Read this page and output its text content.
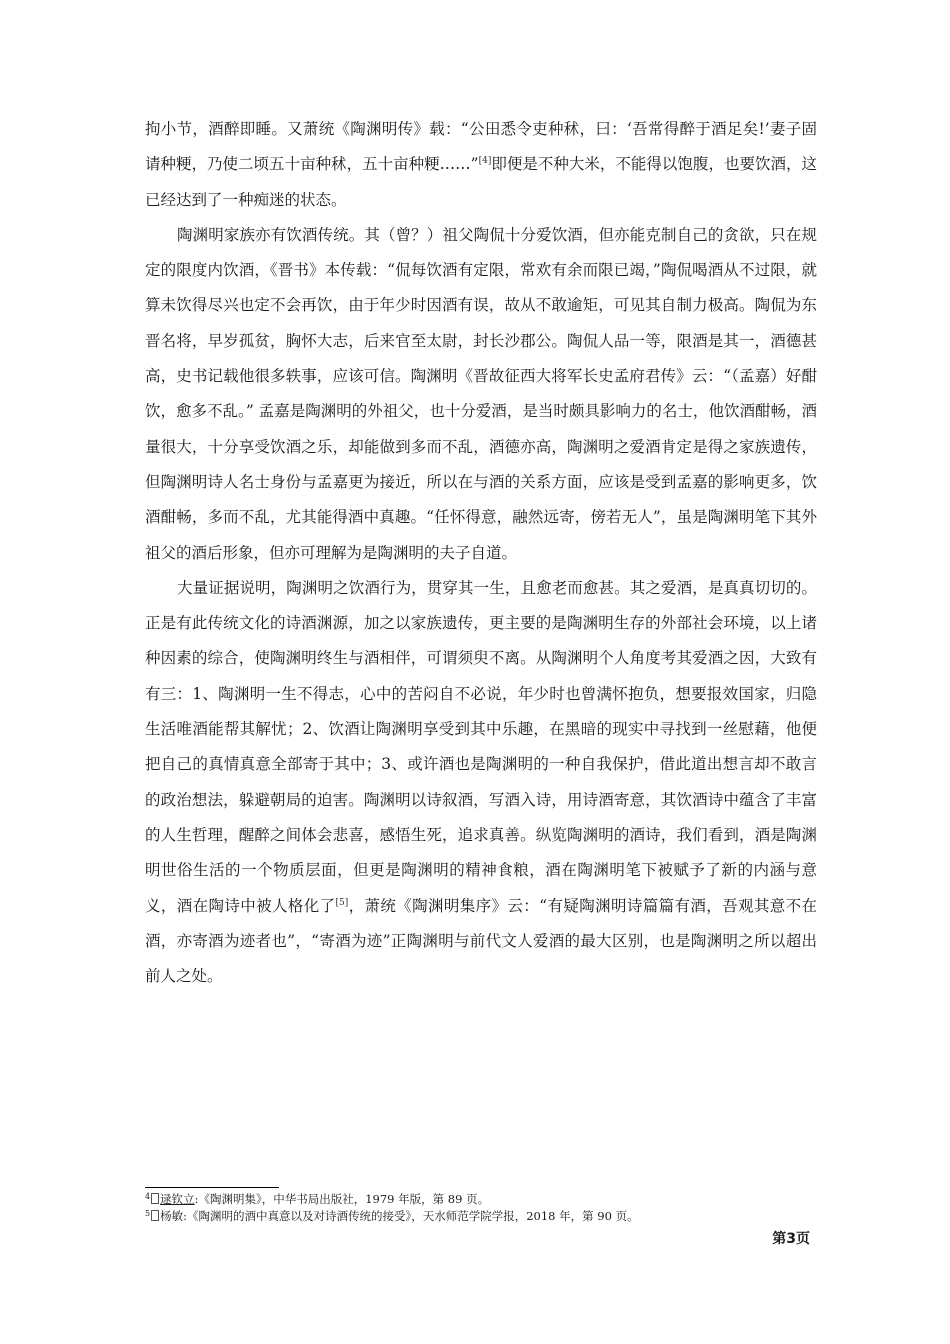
拘小节，酒醉即睡。又萧统《陶渊明传》载：“公田悉令吏种秫，曰：‘吾常得醉于酒足矣!’妻子固请种粳，乃使二顷五十亩种秫，五十亩种粳……”[4]即便是不种大米，不能得以饱腹，也要饮酒，这已经达到了一种痴迷的状态。

陶渊明家族亦有饮酒传统。其（曾？）祖父陶侃十分爱饮酒，但亦能克制自己的贪欲，只在规定的限度内饮酒，《晋书》本传载：“侃每饮酒有定限，常欢有余而限已竭，”陶侃喝酒从不过限，就算未饮得尽兴也定不会再饮，由于年少时因酒有误，故从不敢逾矩，可见其自制力极高。陶侃为东晋名将，早岁孤贫，胸怀大志，后来官至太尉，封长沙郡公。陶侃人品一等，限酒是其一，酒德甚高，史书记载他很多轶事，应该可信。陶渊明《晋故征西大将军长史孟府君传》云：“（孟嘉）好酣饮，愈多不乱。” 孟嘉是陶渊明的外祖父，也十分爱酒，是当时颇具影响力的名士，他饮酒酣畅，酒量很大，十分享受饮酒之乐，却能做到多而不乱，酒德亦高，陶渊明之爱酒肯定是得之家族遗传，但陶渊明诗人名士身份与孟嘉更为接近，所以在与酒的关系方面，应该是受到孟嘉的影响更多，饮酒酣畅，多而不乱，尤其能得酒中真趣。“任怀得意，融然远寄，傍若无人”，虽是陶渊明笔下其外祖父的酒后形象，但亦可理解为是陶渊明的夫子自道。

大量证据说明，陶渊明之饮酒行为，贯穿其一生，且愈老而愈甚。其之爱酒，是真真切切的。正是有此传统文化的诗酒渊源，加之以家族遗传，更主要的是陶渊明生存的外部社会环境，以上诸种因素的综合，使陶渊明终生与酒相伴，可谓须臾不离。从陶渊明个人角度考其爱酒之因，大致有有三：1、陶渊明一生不得志，心中的苦闷自不必说，年少时也曾满怀抱负，想要报效国家，归隐生活唯酒能帮其解忧；2、饮酒让陶渊明享受到其中乐趣，在黑暗的现实中寻找到一丝慰藉，他便把自己的真情真意全部寄于其中；3、或许酒也是陶渊明的一种自我保护，借此道出想言却不敢言的政治想法，躲避朝局的迫害。陶渊明以诗叙酒，写酒入诗，用诗酒寄意，其饮酒诗中蕴含了丰富的人生哲理，醒醉之间体会悲喜，感悟生死，追求真善。纵览陶渊明的酒诗，我们看到，酒是陶渊明世俗生活的一个物质层面，但更是陶渊明的精神食粮，酒在陶渊明笔下被赋予了新的内涵与意义，酒在陶诗中被人格化了[5]，萧统《陶渊明集序》云：“有疑陶渊明诗篇篇有酒，吾观其意不在酒，亦寄酒为迹者也”，“寄酒为迹”正陶渊明与前代文人爱酒的最大区别，也是陶渊明之所以超出前人之处。

$^4$ 逯钦立:《陶渊明集》，中华书局出版社，1979 年版，第 89 页。
$^5$ 杨敏:《陶渊明的酒中真意以及对诗酒传统的接受》，天水师范学院学报，2018 年，第 90 页。
第3页
